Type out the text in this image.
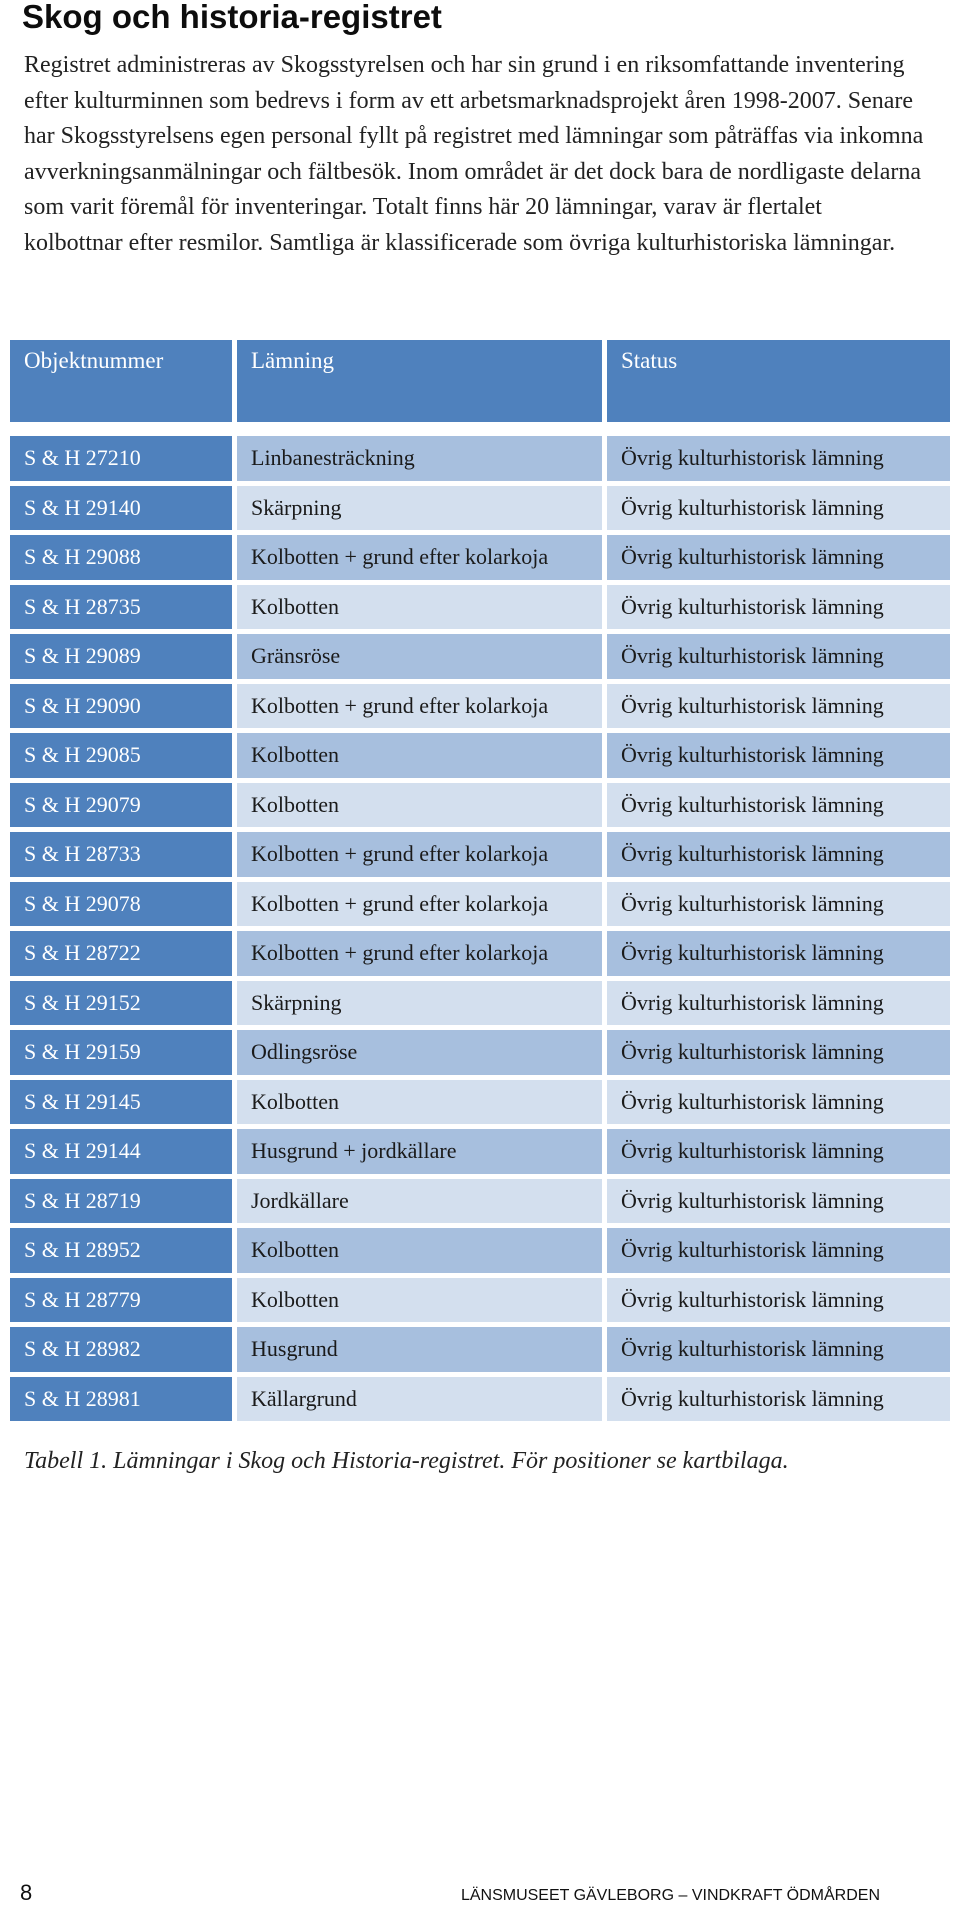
Skog och historia-registret

Registret administreras av Skogsstyrelsen och har sin grund i en riksomfattande inventering efter kulturminnen som bedrevs i form av ett arbetsmarknadsprojekt åren 1998-2007. Senare har Skogsstyrelsens egen personal fyllt på registret med lämningar som påträffas via inkomna avverkningsanmälningar och fältbesök. Inom området är det dock bara de nordligaste delarna som varit föremål för inventeringar. Totalt finns här 20 lämningar, varav är flertalet kolbottnar efter resmilor. Samtliga är klassificerade som övriga kulturhistoriska lämningar.

Objektnummer	Lämning	Status
S & H 27210	Linbanesträckning	Övrig kulturhistorisk lämning
S & H 29140	Skärpning	Övrig kulturhistorisk lämning
S & H 29088	Kolbotten + grund efter kolarkoja	Övrig kulturhistorisk lämning
S & H 28735	Kolbotten	Övrig kulturhistorisk lämning
S & H 29089	Gränsröse	Övrig kulturhistorisk lämning
S & H 29090	Kolbotten + grund efter kolarkoja	Övrig kulturhistorisk lämning
S & H 29085	Kolbotten	Övrig kulturhistorisk lämning
S & H 29079	Kolbotten	Övrig kulturhistorisk lämning
S & H 28733	Kolbotten + grund efter kolarkoja	Övrig kulturhistorisk lämning
S & H 29078	Kolbotten + grund efter kolarkoja	Övrig kulturhistorisk lämning
S & H 28722	Kolbotten + grund efter kolarkoja	Övrig kulturhistorisk lämning
S & H 29152	Skärpning	Övrig kulturhistorisk lämning
S & H 29159	Odlingsröse	Övrig kulturhistorisk lämning
S & H 29145	Kolbotten	Övrig kulturhistorisk lämning
S & H 29144	Husgrund + jordkällare	Övrig kulturhistorisk lämning
S & H 28719	Jordkällare	Övrig kulturhistorisk lämning
S & H 28952	Kolbotten	Övrig kulturhistorisk lämning
S & H 28779	Kolbotten	Övrig kulturhistorisk lämning
S & H 28982	Husgrund	Övrig kulturhistorisk lämning
S & H 28981	Källargrund	Övrig kulturhistorisk lämning

Tabell 1. Lämningar i Skog och Historia-registret. För positioner se kartbilaga.

8	LÄNSMUSEET GÄVLEBORG – VINDKRAFT ÖDMÅRDEN
